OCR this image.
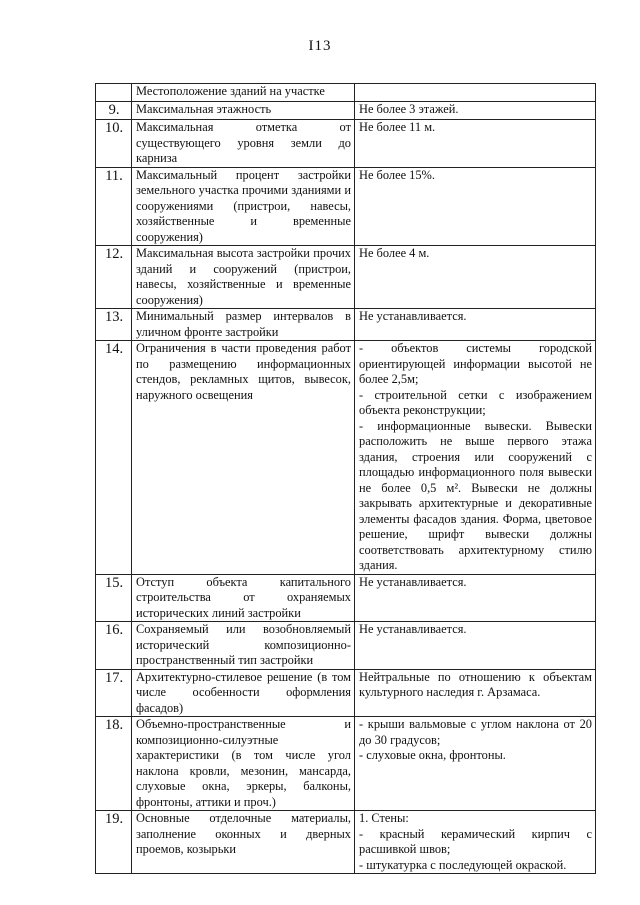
I13
	Местоположение зданий на участке	
9.	Максимальная этажность	Не более 3 этажей.

10.	Максимальная отметка от существующего уровня земли до карниза	Не более 11 м.

11.	Максимальный процент застройки земельного участка прочими зданиями и сооружениями (пристрои, навесы, хозяйственные и временные сооружения)	Не более 15%.

12.	Максимальная высота застройки прочих зданий и сооружений (пристрои, навесы, хозяйственные и временные сооружения)	Не более 4 м.

13.	Минимальный размер интервалов в уличном фронте застройки	Не устанавливается.

14.	Ограничения в части проведения работ по размещению информационных стендов, рекламных щитов, вывесок, наружного освещения	- объектов системы городской ориентирующей информации высотой не более 2,5м;
- строительной сетки с изображением объекта реконструкции;
- информационные вывески. Вывески расположить не выше первого этажа здания, строения или сооружений с площадью информационного поля вывески не более 0,5 м². Вывески не должны закрывать архитектурные и декоративные элементы фасадов здания. Форма, цветовое решение, шрифт вывески должны соответствовать архитектурному стилю здания.

15.	Отступ объекта капитального строительства от охраняемых исторических линий застройки	Не устанавливается.

16.	Сохраняемый или возобновляемый исторический композиционно-пространственный тип застройки	Не устанавливается.

17.	Архитектурно-стилевое решение (в том числе особенности оформления фасадов)	Нейтральные по отношению к объектам культурного наследия г. Арзамаса.

18.	Объемно-пространственные и композиционно-силуэтные характеристики (в том числе угол наклона кровли, мезонин, мансарда, слуховые окна, эркеры, балконы, фронтоны, аттики и проч.)	- крыши вальмовые с углом наклона от 20 до 30 градусов;
- слуховые окна, фронтоны.

19.	Основные отделочные материалы, заполнение оконных и дверных проемов, козырьки	1. Стены:
- красный керамический кирпич с расшивкой швов;
- штукатурка с последующей окраской.
